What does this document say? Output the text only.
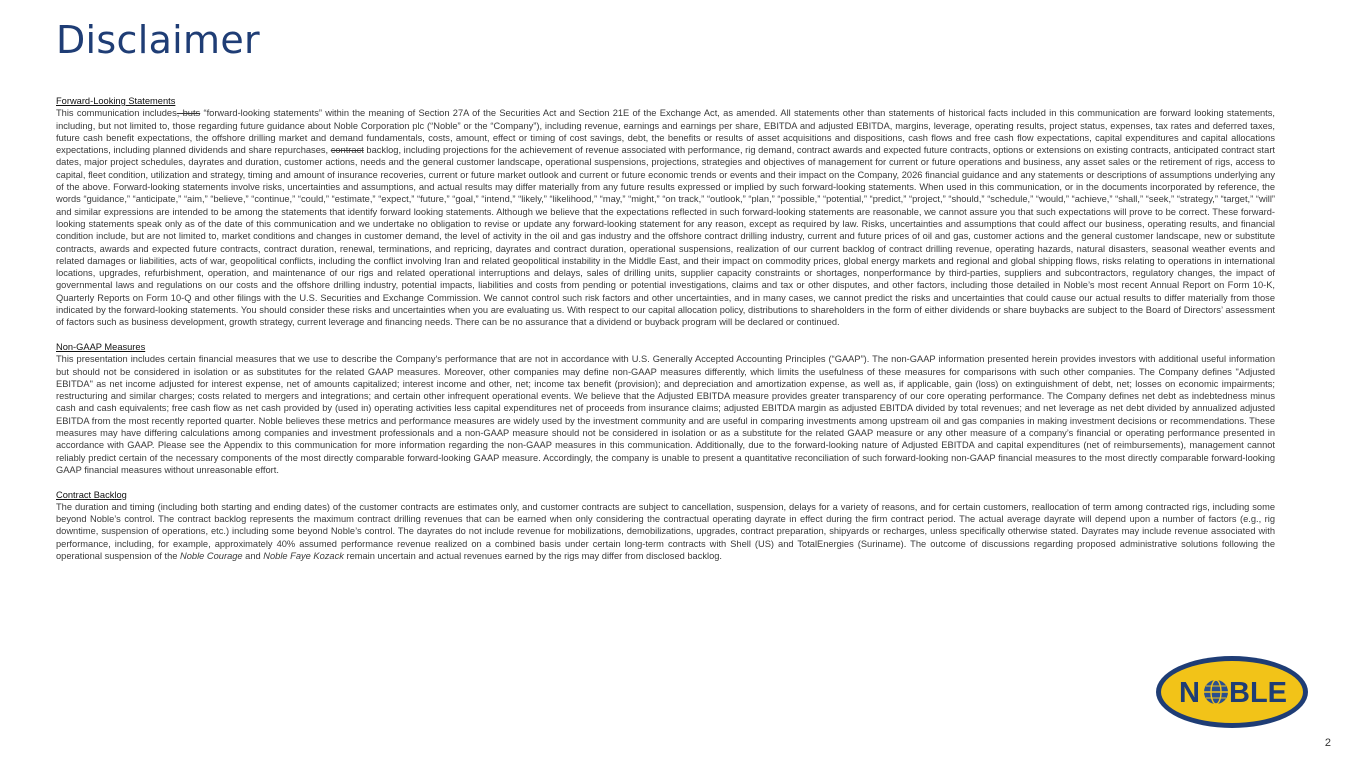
Disclaimer
Forward-Looking Statements

This communication includes, buts “forward-looking statements” within the meaning of Section 27A of the Securities Act and Section 21E of the Exchange Act, as amended. All statements other than statements of historical facts included in this communication are forward looking statements, including, but not limited to, those regarding future guidance about Noble Corporation plc (“Noble” or the “Company”), including revenue, earnings and earnings per share, EBITDA and adjusted EBITDA, margins, leverage, operating results, project status, expenses, tax rates and deferred taxes, future cash benefit expectations, the offshore drilling market and demand fundamentals, costs, amount, effect or timing of cost savings, debt, the benefits or results of asset acquisitions and dispositions, cash flows and free cash flow expectations, capital expenditures and capital allocations expectations, including planned dividends and share repurchases, contract backlog, including projections for the achievement of revenue associated with performance, rig demand, contract awards and expected future contracts, options or extensions on existing contracts, anticipated contract start dates, major project schedules, dayrates and duration, customer actions, needs and the general customer landscape, operational suspensions, projections, strategies and objectives of management for current or future operations and business, any asset sales or the retirement of rigs, access to capital, fleet condition, utilization and strategy, timing and amount of insurance recoveries, current or future market outlook and current or future economic trends or events and their impact on the Company, 2026 financial guidance and any statements or descriptions of assumptions underlying any of the above. Forward-looking statements involve risks, uncertainties and assumptions, and actual results may differ materially from any future results expressed or implied by such forward-looking statements. When used in this communication, or in the documents incorporated by reference, the words “guidance,” “anticipate,” “aim,” “believe,” “continue,” “could,” “estimate,” “expect,” “future,” “goal,” “intend,” “likely,” “likelihood,” “may,” “might,” “on track,” “outlook,” “plan,” “possible,” “potential,” “predict,” “project,” “should,” “schedule,” “would,” “achieve,” “shall,” “seek,” “strategy,” “target,” “will” and similar expressions are intended to be among the statements that identify forward looking statements. Although we believe that the expectations reflected in such forward-looking statements are reasonable, we cannot assure you that such expectations will prove to be correct. These forward-looking statements speak only as of the date of this communication and we undertake no obligation to revise or update any forward-looking statement for any reason, except as required by law. Risks, uncertainties and assumptions that could affect our business, operating results, and financial condition include, but are not limited to, market conditions and changes in customer demand, the level of activity in the oil and gas industry and the offshore contract drilling industry, current and future prices of oil and gas, customer actions and the general customer landscape, new or substitute contracts, awards and expected future contracts, contract duration, renewal, terminations, and repricing, dayrates and contract duration, operational suspensions, realization of our current backlog of contract drilling revenue, operating hazards, natural disasters, seasonal weather events and related damages or liabilities, acts of war, geopolitical conflicts, including the conflict involving Iran and related geopolitical instability in the Middle East, and their impact on commodity prices, global energy markets and regional and global shipping flows, risks relating to operations in international locations, upgrades, refurbishment, operation, and maintenance of our rigs and related operational interruptions and delays, sales of drilling units, supplier capacity constraints or shortages, nonperformance by third-parties, suppliers and subcontractors, regulatory changes, the impact of governmental laws and regulations on our costs and the offshore drilling industry, potential impacts, liabilities and costs from pending or potential investigations, claims and tax or other disputes, and other factors, including those detailed in Noble’s most recent Annual Report on Form 10-K, Quarterly Reports on Form 10-Q and other filings with the U.S. Securities and Exchange Commission. We cannot control such risk factors and other uncertainties, and in many cases, we cannot predict the risks and uncertainties that could cause our actual results to differ materially from those indicated by the forward-looking statements. You should consider these risks and uncertainties when you are evaluating us. With respect to our capital allocation policy, distributions to shareholders in the form of either dividends or share buybacks are subject to the Board of Directors’ assessment of factors such as business development, growth strategy, current leverage and financing needs. There can be no assurance that a dividend or buyback program will be declared or continued.

Non-GAAP Measures

This presentation includes certain financial measures that we use to describe the Company's performance that are not in accordance with U.S. Generally Accepted Accounting Principles (“GAAP”). The non-GAAP information presented herein provides investors with additional useful information but should not be considered in isolation or as substitutes for the related GAAP measures. Moreover, other companies may define non-GAAP measures differently, which limits the usefulness of these measures for comparisons with such other companies. The Company defines "Adjusted EBITDA" as net income adjusted for interest expense, net of amounts capitalized; interest income and other, net; income tax benefit (provision); and depreciation and amortization expense, as well as, if applicable, gain (loss) on extinguishment of debt, net; losses on economic impairments; restructuring and similar charges; costs related to mergers and integrations; and certain other infrequent operational events. We believe that the Adjusted EBITDA measure provides greater transparency of our core operating performance. The Company defines net debt as indebtedness minus cash and cash equivalents; free cash flow as net cash provided by (used in) operating activities less capital expenditures net of proceeds from insurance claims; adjusted EBITDA margin as adjusted EBITDA divided by total revenues; and net leverage as net debt divided by annualized adjusted EBITDA from the most recently reported quarter. Noble believes these metrics and performance measures are widely used by the investment community and are useful in comparing investments among upstream oil and gas companies in making investment decisions or recommendations. These measures may have differing calculations among companies and investment professionals and a non-GAAP measure should not be considered in isolation or as a substitute for the related GAAP measure or any other measure of a company’s financial or operating performance presented in accordance with GAAP. Please see the Appendix to this communication for more information regarding the non-GAAP measures in this communication. Additionally, due to the forward-looking nature of Adjusted EBITDA and capital expenditures (net of reimbursements), management cannot reliably predict certain of the necessary components of the most directly comparable forward-looking GAAP measure. Accordingly, the company is unable to present a quantitative reconciliation of such forward-looking non-GAAP financial measures to the most directly comparable forward-looking GAAP financial measures without unreasonable effort.

Contract Backlog

The duration and timing (including both starting and ending dates) of the customer contracts are estimates only, and customer contracts are subject to cancellation, suspension, delays for a variety of reasons, and for certain customers, reallocation of term among contracted rigs, including some beyond Noble’s control. The contract backlog represents the maximum contract drilling revenues that can be earned when only considering the contractual operating dayrate in effect during the firm contract period. The actual average dayrate will depend upon a number of factors (e.g., rig downtime, suspension of operations, etc.) including some beyond Noble’s control. The dayrates do not include revenue for mobilizations, demobilizations, upgrades, contract preparation, shipyards or recharges, unless specifically otherwise stated. Dayrates may include revenue associated with performance, including, for example, approximately 40% assumed performance revenue realized on a combined basis under certain long-term contracts with Shell (US) and TotalEnergies (Suriname). The outcome of discussions regarding proposed administrative solutions following the operational suspension of the Noble Courage and Noble Faye Kozack remain uncertain and actual revenues earned by the rigs may differ from disclosed backlog.

N BLE
2
